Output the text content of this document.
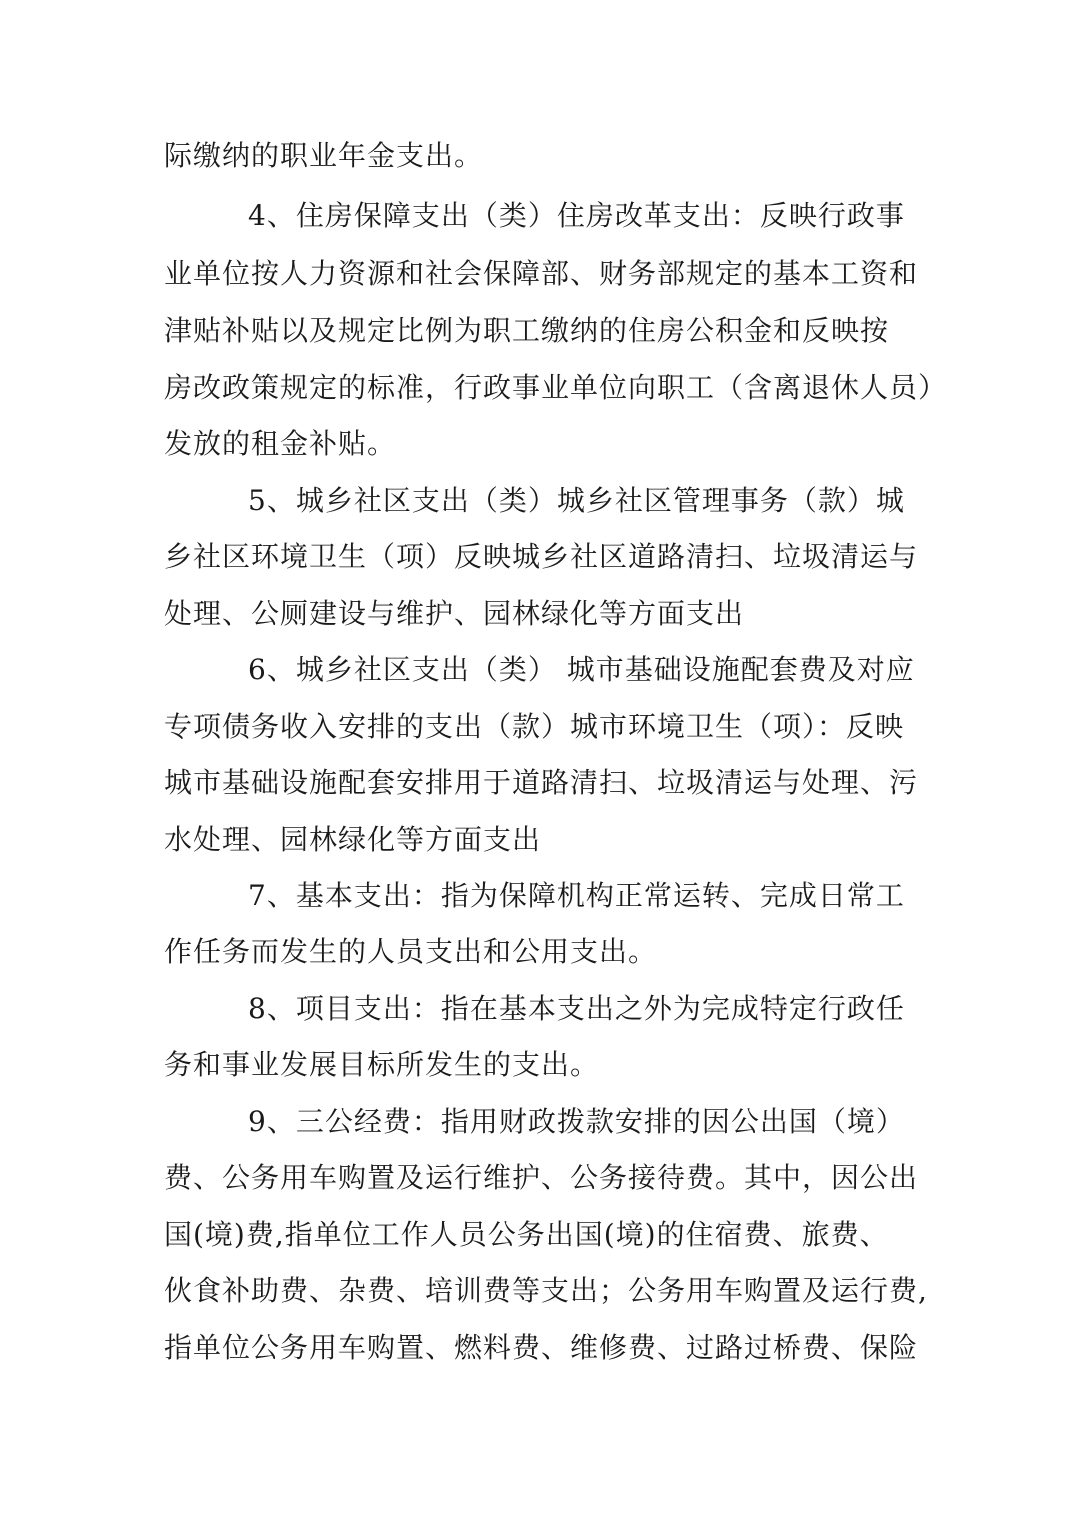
际缴纳的职业年金支出。
4、住房保障支出（类）住房改革支出：反映行政事
业单位按人力资源和社会保障部、财务部规定的基本工资和
津贴补贴以及规定比例为职工缴纳的住房公积金和反映按
房改政策规定的标准，行政事业单位向职工（含离退休人员）
发放的租金补贴。
5、城乡社区支出（类）城乡社区管理事务（款）城
乡社区环境卫生（项）反映城乡社区道路清扫、垃圾清运与
处理、公厕建设与维护、园林绿化等方面支出
6、城乡社区支出（类） 城市基础设施配套费及对应
专项债务收入安排的支出（款）城市环境卫生（项）：反映
城市基础设施配套安排用于道路清扫、垃圾清运与处理、污
水处理、园林绿化等方面支出
7、基本支出：指为保障机构正常运转、完成日常工
作任务而发生的人员支出和公用支出。
8、项目支出：指在基本支出之外为完成特定行政任
务和事业发展目标所发生的支出。
9、三公经费：指用财政拨款安排的因公出国（境）
费、公务用车购置及运行维护、公务接待费。其中，因公出
国(境)费,指单位工作人员公务出国(境)的住宿费、旅费、
伙食补助费、杂费、培训费等支出；公务用车购置及运行费,
指单位公务用车购置、燃料费、维修费、过路过桥费、保险
